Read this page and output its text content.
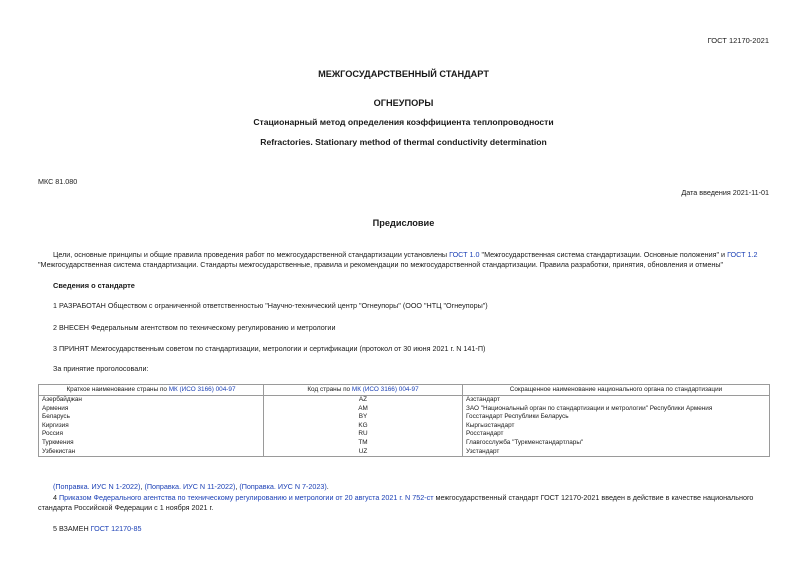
ГОСТ 12170-2021
МЕЖГОСУДАРСТВЕННЫЙ СТАНДАРТ
ОГНЕУПОРЫ
Стационарный метод определения коэффициента теплопроводности
Refractories. Stationary method of thermal conductivity determination
МКС 81.080
Дата введения 2021-11-01
Предисловие
Цели, основные принципы и общие правила проведения работ по межгосударственной стандартизации установлены ГОСТ 1.0 "Межгосударственная система стандартизации. Основные положения" и ГОСТ 1.2 "Межгосударственная система стандартизации. Стандарты межгосударственные, правила и рекомендации по межгосударственной стандартизации. Правила разработки, принятия, обновления и отмены"
Сведения о стандарте
1 РАЗРАБОТАН Обществом с ограниченной ответственностью "Научно-технический центр "Огнеупоры" (ООО "НТЦ "Огнеупоры")
2 ВНЕСЕН Федеральным агентством по техническому регулированию и метрологии
3 ПРИНЯТ Межгосударственным советом по стандартизации, метрологии и сертификации (протокол от 30 июня 2021 г. N 141-П)
За принятие проголосовали:
Краткое наименование страны по МК (ИСО 3166) 004-97	Код страны по МК (ИСО 3166) 004-97	Сокращенное наименование национального органа по стандартизации
Азербайджан	AZ	Азстандарт
Армения	AM	ЗАО "Национальный орган по стандартизации и метрологии" Республики Армения
Беларусь	BY	Госстандарт Республики Беларусь
Киргизия	KG	Кыргызстандарт
Россия	RU	Росстандарт
Туркмения	TM	Главгосслужба "Туркменстандартлары"
Узбекистан	UZ	Узстандарт
(Поправка. ИУС N 1-2022), (Поправка. ИУС N 11-2022), (Поправка. ИУС N 7-2023).
4 Приказом Федерального агентства по техническому регулированию и метрологии от 20 августа 2021 г. N 752-ст межгосударственный стандарт ГОСТ 12170-2021 введен в действие в качестве национального стандарта Российской Федерации с 1 ноября 2021 г.
5 ВЗАМЕН ГОСТ 12170-85
